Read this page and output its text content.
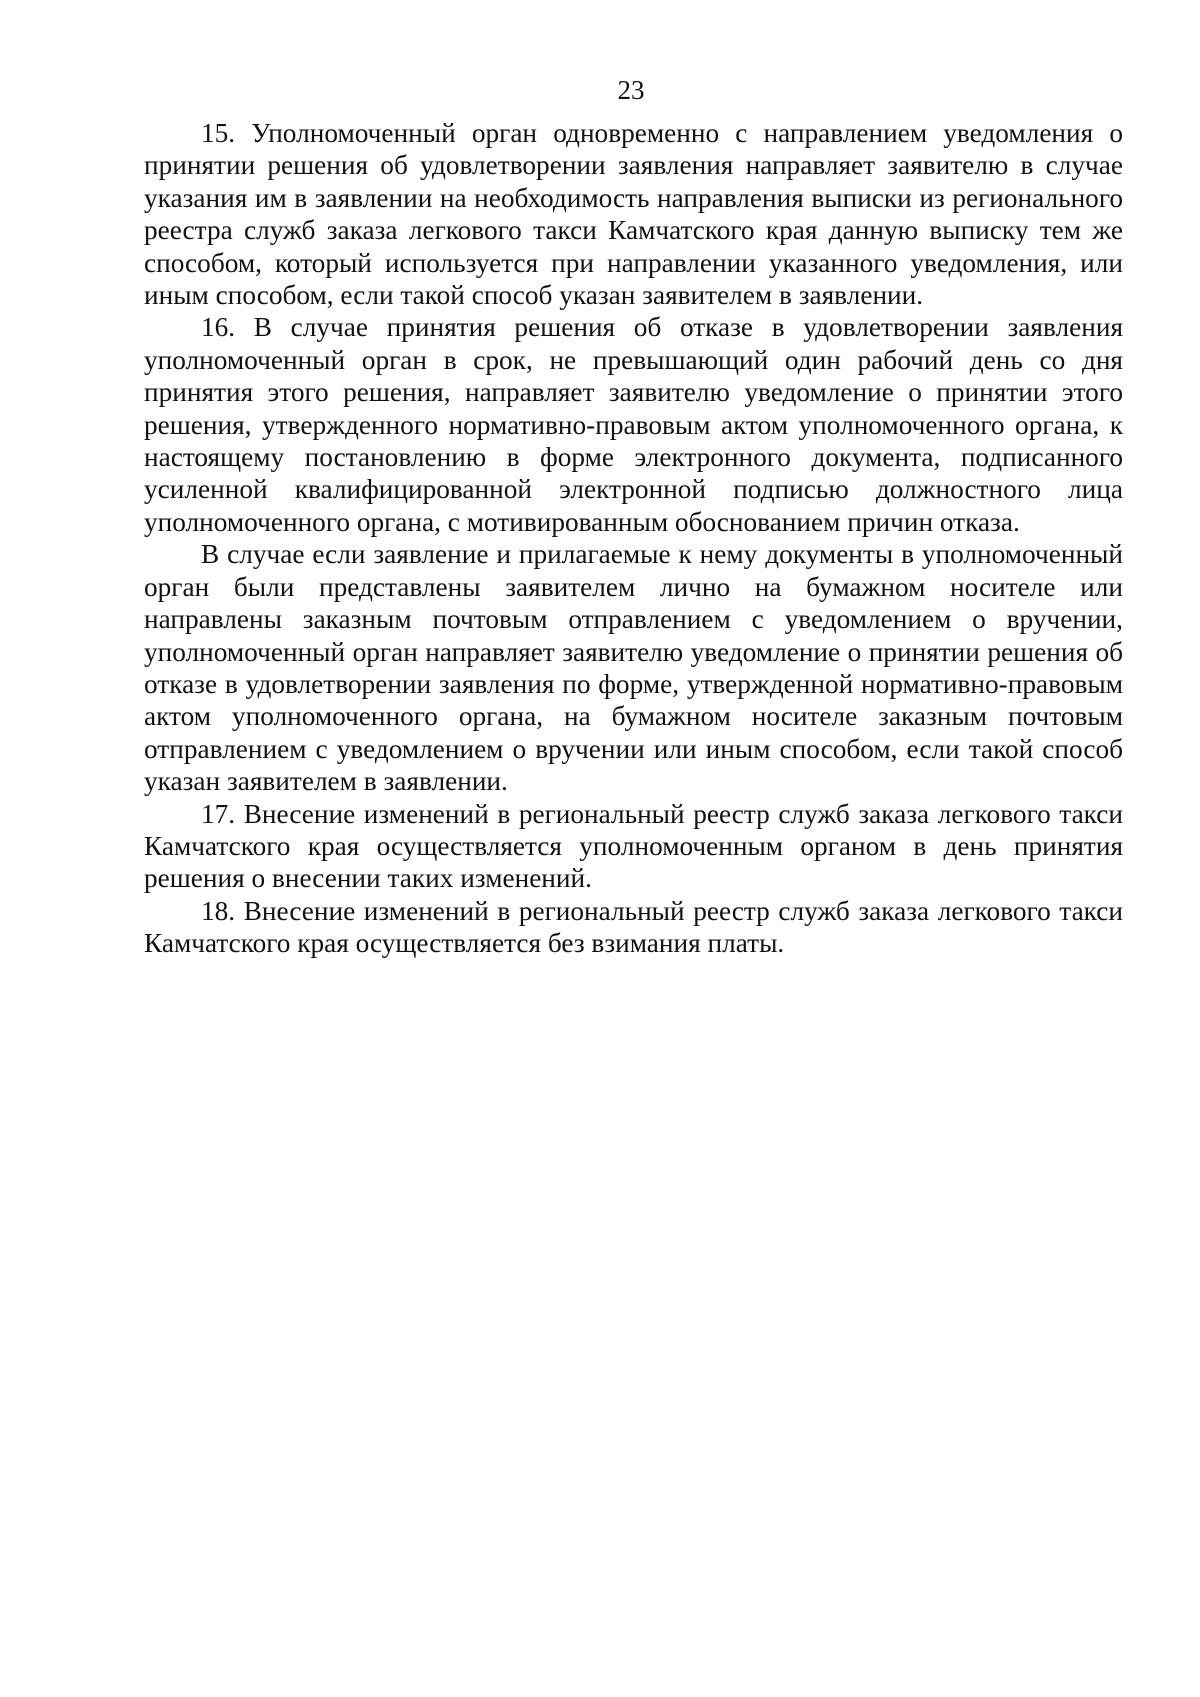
23

15. Уполномоченный орган одновременно с направлением уведомления о принятии решения об удовлетворении заявления направляет заявителю в случае указания им в заявлении на необходимость направления выписки из регионального реестра служб заказа легкового такси Камчатского края данную выписку тем же способом, который используется при направлении указанного уведомления, или иным способом, если такой способ указан заявителем в заявлении.

16. В случае принятия решения об отказе в удовлетворении заявления уполномоченный орган в срок, не превышающий один рабочий день со дня принятия этого решения, направляет заявителю уведомление о принятии этого решения, утвержденного нормативно-правовым актом уполномоченного органа, к настоящему постановлению в форме электронного документа, подписанного усиленной квалифицированной электронной подписью должностного лица уполномоченного органа, с мотивированным обоснованием причин отказа.

В случае если заявление и прилагаемые к нему документы в уполномоченный орган были представлены заявителем лично на бумажном носителе или направлены заказным почтовым отправлением с уведомлением о вручении, уполномоченный орган направляет заявителю уведомление о принятии решения об отказе в удовлетворении заявления по форме, утвержденной нормативно-правовым актом уполномоченного органа, на бумажном носителе заказным почтовым отправлением с уведомлением о вручении или иным способом, если такой способ указан заявителем в заявлении.

17. Внесение изменений в региональный реестр служб заказа легкового такси Камчатского края осуществляется уполномоченным органом в день принятия решения о внесении таких изменений.

18. Внесение изменений в региональный реестр служб заказа легкового такси Камчатского края осуществляется без взимания платы.
